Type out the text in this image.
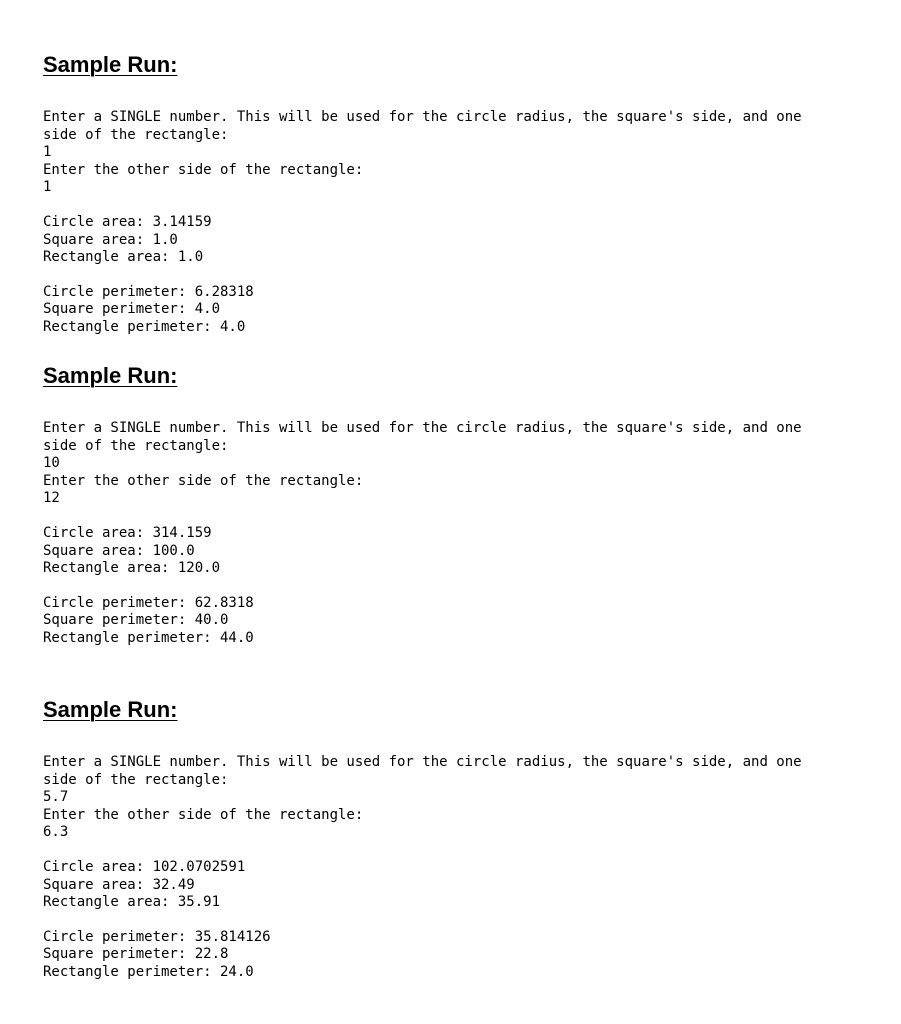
Sample Run:
Enter a SINGLE number. This will be used for the circle radius, the square's side, and one
side of the rectangle:
1
Enter the other side of the rectangle:
1
Circle area: 3.14159
Square area: 1.0
Rectangle area: 1.0
Circle perimeter: 6.28318
Square perimeter: 4.0
Rectangle perimeter: 4.0
Sample Run:
Enter a SINGLE number. This will be used for the circle radius, the square's side, and one
side of the rectangle:
10
Enter the other side of the rectangle:
12
Circle area: 314.159
Square area: 100.0
Rectangle area: 120.0
Circle perimeter: 62.8318
Square perimeter: 40.0
Rectangle perimeter: 44.0
Sample Run:
Enter a SINGLE number. This will be used for the circle radius, the square's side, and one
side of the rectangle:
5.7
Enter the other side of the rectangle:
6.3
Circle area: 102.0702591
Square area: 32.49
Rectangle area: 35.91
Circle perimeter: 35.814126
Square perimeter: 22.8
Rectangle perimeter: 24.0
